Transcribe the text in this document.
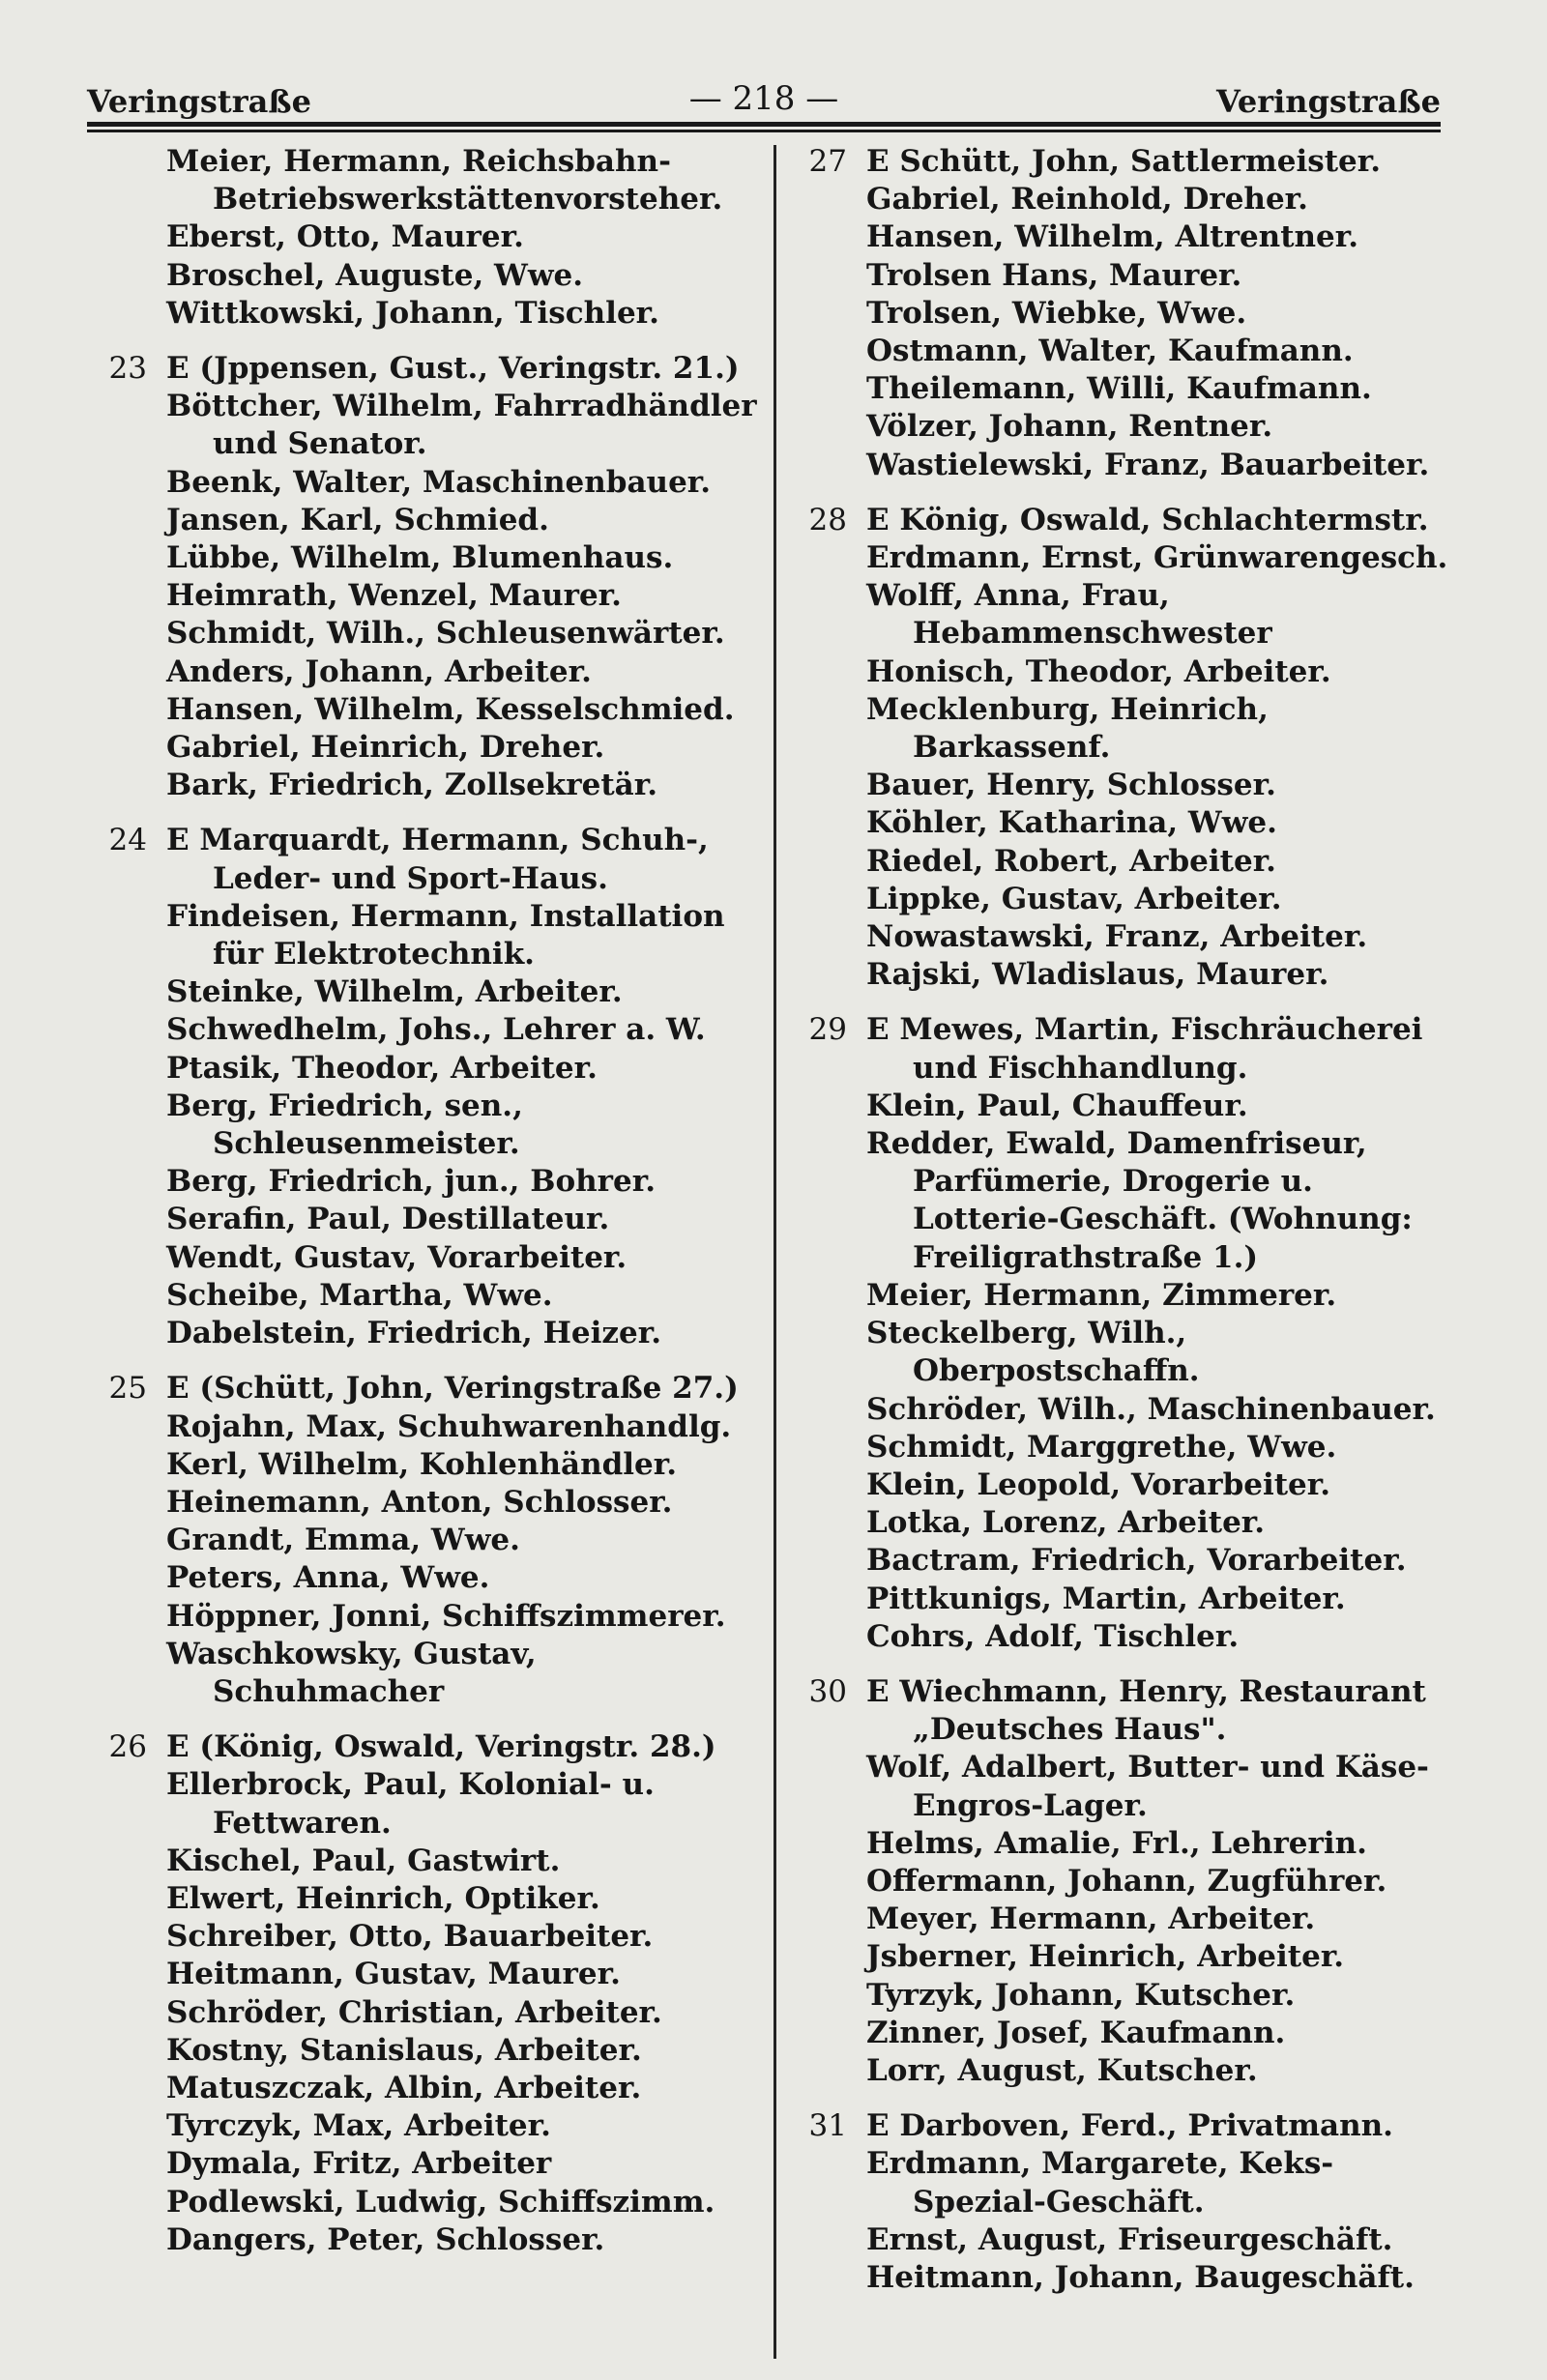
Veringstraße	— 218 —	Veringstraße
Meier, Hermann, Reichsbahn-Betriebswerkstättenvorsteher.
Eberst, Otto, Maurer.
Broschel, Auguste, Wwe.
Wittkowski, Johann, Tischler.
23 E (Jppensen, Gust., Veringstr. 21.)
Böttcher, Wilhelm, Fahrradhändler und Senator.
Beenk, Walter, Maschinenbauer.
Jansen, Karl, Schmied.
Lübbe, Wilhelm, Blumenhaus.
Heimrath, Wenzel, Maurer.
Schmidt, Wilh., Schleusenwärter.
Anders, Johann, Arbeiter.
Hansen, Wilhelm, Kesselschmied.
Gabriel, Heinrich, Dreher.
Bark, Friedrich, Zollsekretär.
24 E Marquardt, Hermann, Schuh-, Leder- und Sport-Haus.
Findeisen, Hermann, Installation für Elektrotechnik.
Steinke, Wilhelm, Arbeiter.
Schwedhelm, Johs., Lehrer a. W.
Ptasik, Theodor, Arbeiter.
Berg, Friedrich, sen., Schleusenmeister.
Berg, Friedrich, jun., Bohrer.
Serafin, Paul, Destillateur.
Wendt, Gustav, Vorarbeiter.
Scheibe, Martha, Wwe.
Dabelstein, Friedrich, Heizer.
25 E (Schütt, John, Veringstraße 27.)
Rojahn, Max, Schuhwarenhandlg.
Kerl, Wilhelm, Kohlenhändler.
Heinemann, Anton, Schlosser.
Grandt, Emma, Wwe.
Peters, Anna, Wwe.
Höppner, Jonni, Schiffszimmerer.
Waschkowsky, Gustav, Schuhmacher
26 E (König, Oswald, Veringstr. 28.)
Ellerbrock, Paul, Kolonial- u. Fettwaren.
Kischel, Paul, Gastwirt.
Elwert, Heinrich, Optiker.
Schreiber, Otto, Bauarbeiter.
Heitmann, Gustav, Maurer.
Schröder, Christian, Arbeiter.
Kostny, Stanislaus, Arbeiter.
Matuszczak, Albin, Arbeiter.
Tyrczyk, Max, Arbeiter.
Dymala, Fritz, Arbeiter
Podlewski, Ludwig, Schiffszimm.
Dangers, Peter, Schlosser.
27 E Schütt, John, Sattlermeister.
Gabriel, Reinhold, Dreher.
Hansen, Wilhelm, Altrentner.
Trolsen Hans, Maurer.
Trolsen, Wiebke, Wwe.
Ostmann, Walter, Kaufmann.
Theilemann, Willi, Kaufmann.
Völzer, Johann, Rentner.
Wastielewski, Franz, Bauarbeiter.
28 E König, Oswald, Schlachtermstr.
Erdmann, Ernst, Grünwarengesch.
Wolff, Anna, Frau, Hebammenschwester
Honisch, Theodor, Arbeiter.
Mecklenburg, Heinrich, Barkassenf.
Bauer, Henry, Schlosser.
Köhler, Katharina, Wwe.
Riedel, Robert, Arbeiter.
Lippke, Gustav, Arbeiter.
Nowastawski, Franz, Arbeiter.
Rajski, Wladislaus, Maurer.
29 E Mewes, Martin, Fischräucherei und Fischhandlung.
Klein, Paul, Chauffeur.
Redder, Ewald, Damenfriseur, Parfümerie, Drogerie u. Lotterie-Geschäft. (Wohnung: Freiligrathstraße 1.)
Meier, Hermann, Zimmerer.
Steckelberg, Wilh., Oberpostschaffn.
Schröder, Wilh., Maschinenbauer.
Schmidt, Marggrethe, Wwe.
Klein, Leopold, Vorarbeiter.
Lotka, Lorenz, Arbeiter.
Bactram, Friedrich, Vorarbeiter.
Pittkunigs, Martin, Arbeiter.
Cohrs, Adolf, Tischler.
30 E Wiechmann, Henry, Restaurant „Deutsches Haus".
Wolf, Adalbert, Butter- und Käse-Engros-Lager.
Helms, Amalie, Frl., Lehrerin.
Offermann, Johann, Zugführer.
Meyer, Hermann, Arbeiter.
Jsberner, Heinrich, Arbeiter.
Tyrzyk, Johann, Kutscher.
Zinner, Josef, Kaufmann.
Lorr, August, Kutscher.
31 E Darboven, Ferd., Privatmann.
Erdmann, Margarete, Keks-Spezial-Geschäft.
Ernst, August, Friseurgeschäft.
Heitmann, Johann, Baugeschäft.
